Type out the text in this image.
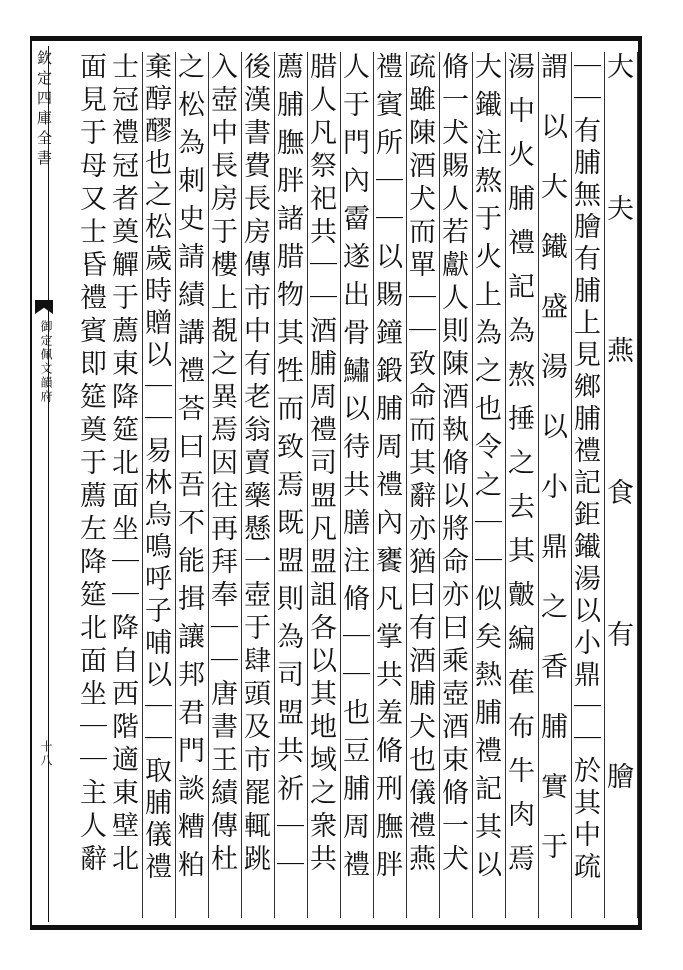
欽定四庫全書
御定佩文韻府
十八	大夫燕食有膾
｜｜有脯無膾有脯上見鄉脯禮記鉅䥫湯以小鼎｜｜於其中疏
謂以大䥫盛湯以小鼎之香脯實于
湯中火脯禮記為熬捶之去其皾編萑布牛肉焉
大䥫注熬于火上為之也令之｜｜似矣熱脯禮記其以
脩一犬賜人若獻人則陳酒執脩以將命亦曰乘壺酒束脩一犬
疏雖陳酒犬而單｜｜致命而其辭亦猶曰有酒脯犬也儀禮燕
禮賓所｜｜以賜鐘鍛脯周禮內饔凡掌共羞脩刑膴胖
人于門內霤遂出骨鱐以待共膳注脩｜｜也豆脯周禮
腊人凡祭祀共｜｜酒脯周禮司盟凡盟詛各以其地域之衆共
薦脯膴胖諸腊物其牲而致焉既盟則為司盟共祈｜｜
後漢書費長房傳市中有老翁賣藥懸一壺于肆頭及市罷輒跳
入壺中長房于樓上覩之異焉因往再拜奉｜｜唐書王績傳杜
之松為刺史請績講禮荅曰吾不能揖讓邦君門談糟粕
棄醇醪也之松歲時贈以｜｜易林烏鳴呼子哺以｜｜取脯儀禮
士冠禮冠者奠觶于薦東降筵北面坐｜｜降自西階適東壁北
面見于母又士昏禮賓即筵奠于薦左降筵北面坐｜｜主人辭
